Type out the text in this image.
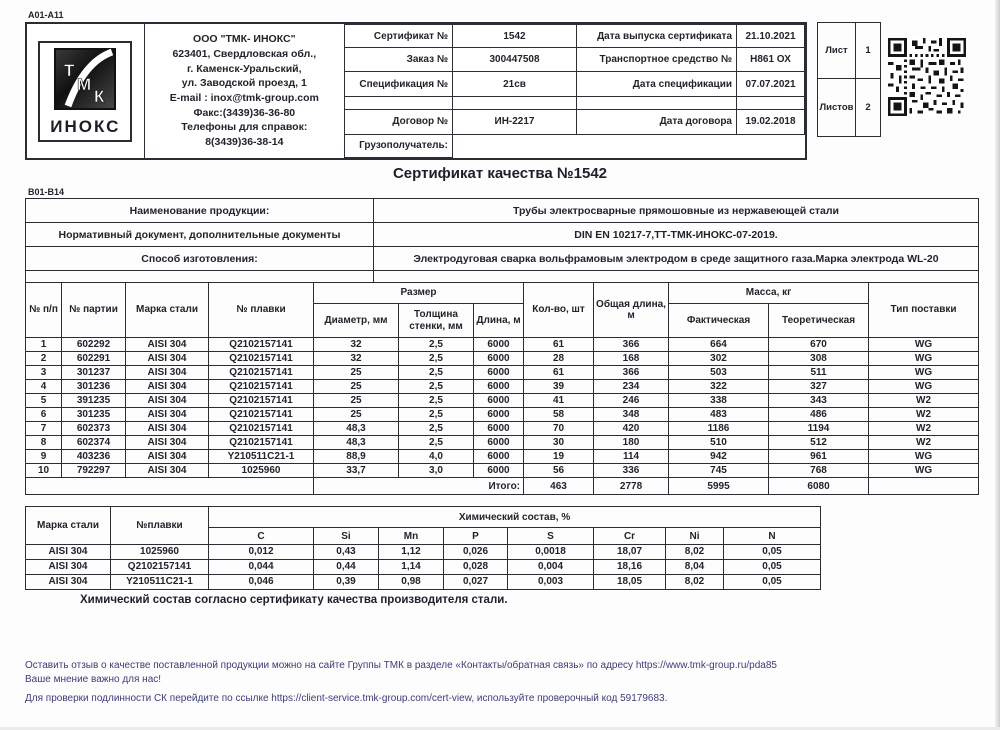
A01-A11
Т
М
К
ИНОКС
ООО "ТМК- ИНОКС"
623401, Свердловская обл.,
г. Каменск-Уральский,
ул. Заводской проезд, 1
E-mail : inox@tmk-group.com
Факс:(3439)36-36-80
Телефоны для справок:
8(3439)36-38-14
Сертификат №	1542	Дата выпуска сертификата	21.10.2021
Заказ №	300447508	Транспортное средство №	Н861 ОХ
Спецификация №	21св	Дата спецификации	07.07.2021

Договор №	ИН-2217	Дата договора	19.02.2018
Грузополучатель:			
Лист	1
Листов	2
Сертификат качества №1542
B01-B14
Наименование продукции:	Трубы электросварные прямошовные из нержавеющей стали
Нормативный документ, дополнительные документы	DIN EN 10217-7,ТТ-ТМК-ИНОКС-07-2019.
Способ изготовления:	Электродуговая сварка вольфрамовым электродом в среде защитного газа.Марка электрода WL-20

№ п/п	№ партии	Марка стали	№ плавки	Размер			Кол-во, шт	Общая длина, м	Масса, кг		Тип поставки
				Диаметр, мм	Толщина стенки, мм	Длина, м			Фактическая	Теоретическая	
1	602292	AISI 304	Q2102157141	32	2,5	6000	61	366	664	670	WG
2	602291	AISI 304	Q2102157141	32	2,5	6000	28	168	302	308	WG
3	301237	AISI 304	Q2102157141	25	2,5	6000	61	366	503	511	WG
4	301236	AISI 304	Q2102157141	25	2,5	6000	39	234	322	327	WG
5	391235	AISI 304	Q2102157141	25	2,5	6000	41	246	338	343	W2
6	301235	AISI 304	Q2102157141	25	2,5	6000	58	348	483	486	W2
7	602373	AISI 304	Q2102157141	48,3	2,5	6000	70	420	1186	1194	W2
8	602374	AISI 304	Q2102157141	48,3	2,5	6000	30	180	510	512	W2
9	403236	AISI 304	Y210511C21-1	88,9	4,0	6000	19	114	942	961	WG
10	792297	AISI 304	1025960	33,7	3,0	6000	56	336	745	768	WG
				Итого:			463	2778	5995	6080	
Марка стали	№плавки	Химический состав, %							
		C	Si	Mn	P	S	Cr	Ni	N
AISI 304	1025960	0,012	0,43	1,12	0,026	0,0018	18,07	8,02	0,05
AISI 304	Q2102157141	0,044	0,44	1,14	0,028	0,004	18,16	8,04	0,05
AISI 304	Y210511C21-1	0,046	0,39	0,98	0,027	0,003	18,05	8,02	0,05
Химический состав согласно сертификату качества производителя стали.
Оставить отзыв о качестве поставленной продукции можно на сайте Группы ТМК в разделе «Контакты/обратная связь» по адресу https://www.tmk-group.ru/pda85
Ваше мнение важно для нас!
Для проверки подлинности СК перейдите по ссылке https://client-service.tmk-group.com/cert-view, используйте проверочный код 59179683.
